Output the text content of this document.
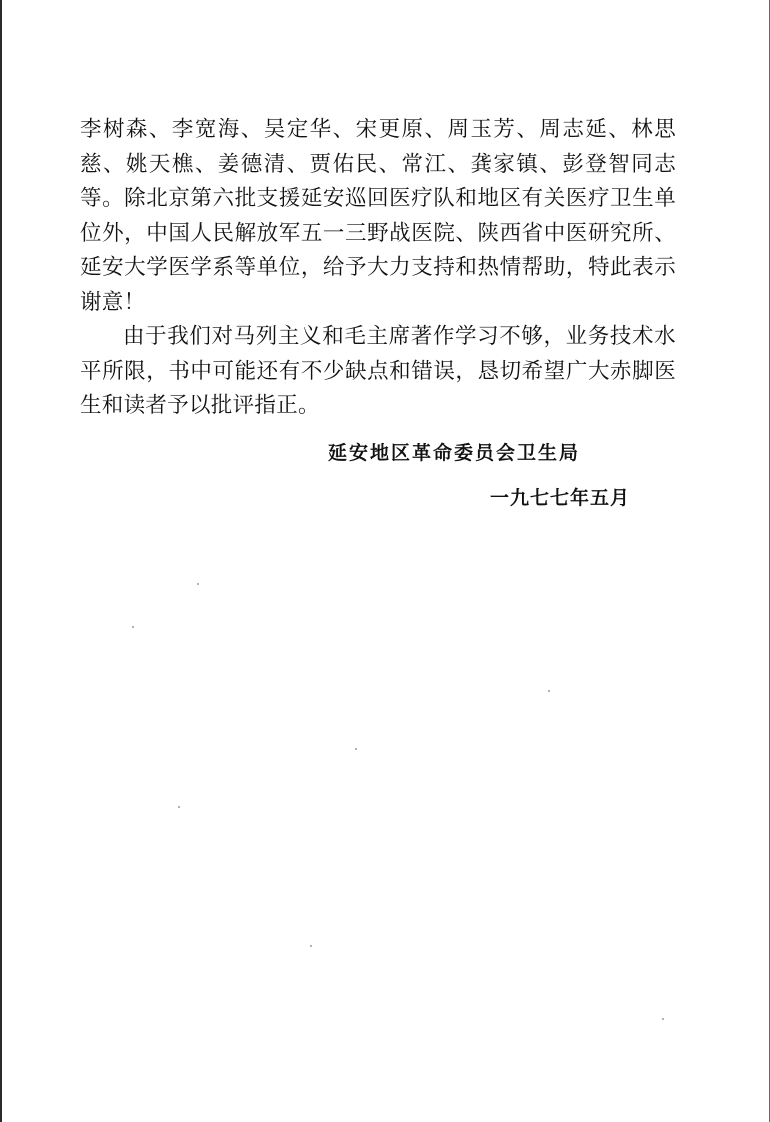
李树森、李宽海、吴定华、宋更原、周玉芳、周志延、林思慈、姚天樵、姜德清、贾佑民、常江、龚家镇、彭登智同志等。除北京第六批支援延安巡回医疗队和地区有关医疗卫生单位外，中国人民解放军五一三野战医院、陕西省中医研究所、延安大学医学系等单位，给予大力支持和热情帮助，特此表示谢意！

由于我们对马列主义和毛主席著作学习不够，业务技术水平所限，书中可能还有不少缺点和错误，恳切希望广大赤脚医生和读者予以批评指正。

延安地区革命委员会卫生局
一九七七年五月
